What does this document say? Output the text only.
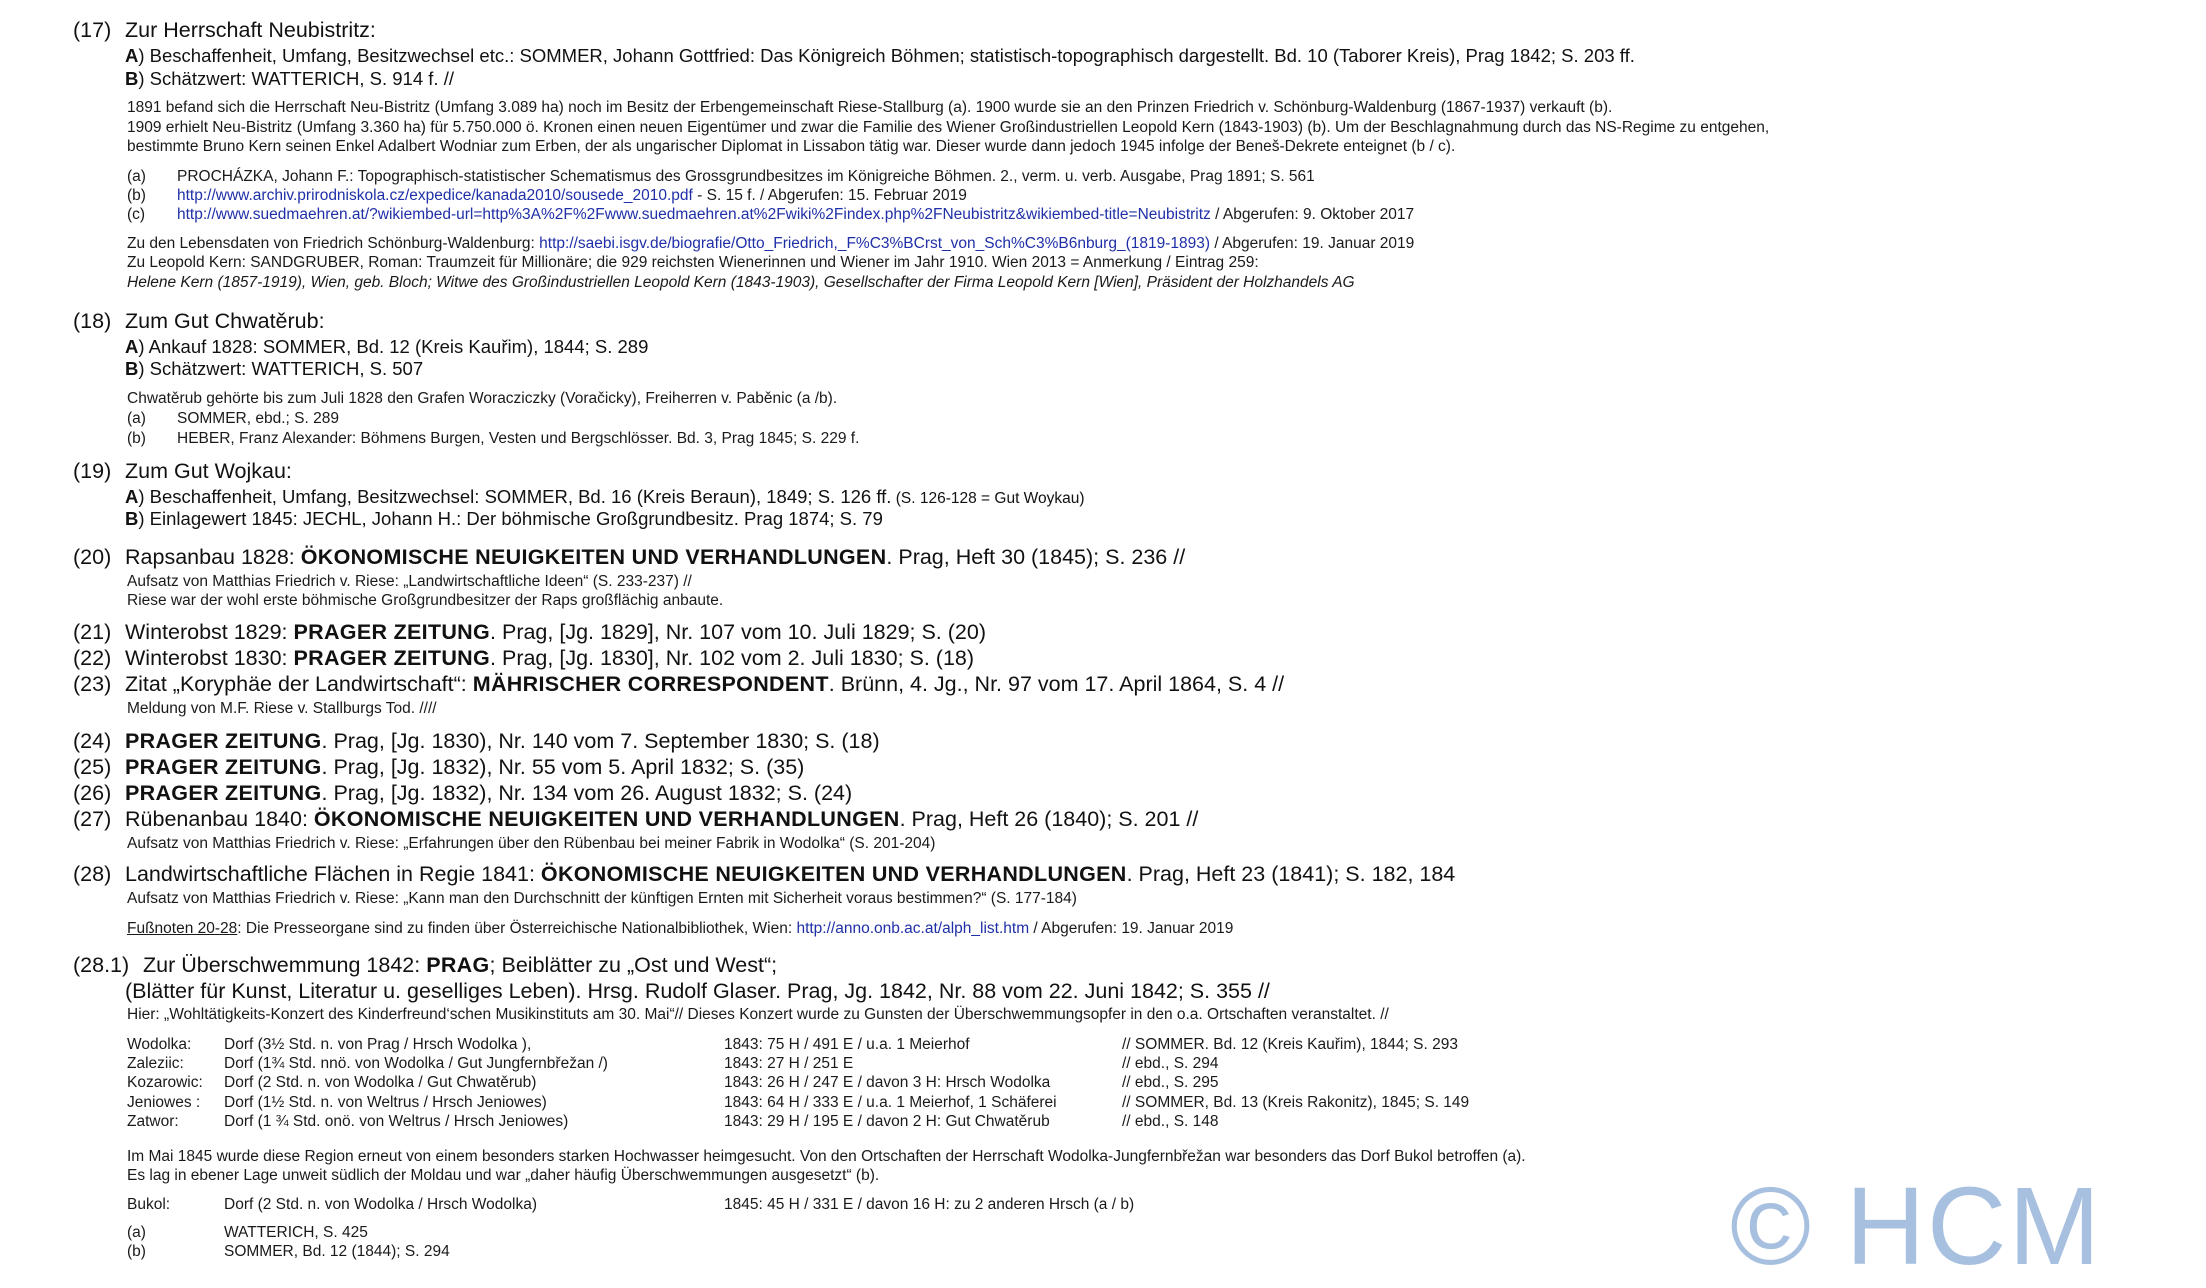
(17) Zur Herrschaft Neubistritz:
A) Beschaffenheit, Umfang, Besitzwechsel etc.: SOMMER, Johann Gottfried: Das Königreich Böhmen; statistisch-topographisch dargestellt. Bd. 10 (Taborer Kreis), Prag 1842; S. 203 ff.
B) Schätzwert: WATTERICH, S. 914 f. //
1891 befand sich die Herrschaft Neu-Bistritz (Umfang 3.089 ha) noch im Besitz der Erbengemeinschaft Riese-Stallburg (a). 1900 wurde sie an den Prinzen Friedrich v. Schönburg-Waldenburg (1867-1937) verkauft (b).
1909 erhielt Neu-Bistritz (Umfang 3.360 ha) für 5.750.000 ö. Kronen einen neuen Eigentümer und zwar die Familie des Wiener Großindustriellen Leopold Kern (1843-1903) (b). Um der Beschlagnahmung durch das NS-Regime zu entgehen,
bestimmte Bruno Kern seinen Enkel Adalbert Wodniar zum Erben, der als ungarischer Diplomat in Lissabon tätig war. Dieser wurde dann jedoch 1945 infolge der Beneš-Dekrete enteignet (b / c).
(a) PROCHÁZKA, Johann F.: Topographisch-statistischer Schematismus des Grossgrundbesitzes im Königreiche Böhmen. 2., verm. u. verb. Ausgabe, Prag 1891; S. 561
(b) http://www.archiv.prirodniskola.cz/expedice/kanada2010/sousede_2010.pdf - S. 15 f. / Abgerufen: 15. Februar 2019
(c) http://www.suedmaehren.at/?wikiembed-url=http%3A%2F%2Fwww.suedmaehren.at%2Fwiki%2Findex.php%2FNeubistritz&wikiembed-title=Neubistritz / Abgerufen: 9. Oktober 2017
Zu den Lebensdaten von Friedrich Schönburg-Waldenburg: http://saebi.isgv.de/biografie/Otto_Friedrich,_F%C3%BCrst_von_Sch%C3%B6nburg_(1819-1893) / Abgerufen: 19. Januar 2019
Zu Leopold Kern: SANDGRUBER, Roman: Traumzeit für Millionäre; die 929 reichsten Wienerinnen und Wiener im Jahr 1910. Wien 2013 = Anmerkung / Eintrag 259:
Helene Kern (1857-1919), Wien, geb. Bloch; Witwe des Großindustriellen Leopold Kern (1843-1903), Gesellschafter der Firma Leopold Kern [Wien], Präsident der Holzhandels AG
(18) Zum Gut Chwatěrub:
A) Ankauf 1828: SOMMER, Bd. 12 (Kreis Kauřim), 1844; S. 289
B) Schätzwert: WATTERICH, S. 507
Chwatěrub gehörte bis zum Juli 1828 den Grafen Woracziczky (Voračicky), Freiherren v. Paběnic (a /b).
(a) SOMMER, ebd.; S. 289
(b) HEBER, Franz Alexander: Böhmens Burgen, Vesten und Bergschlösser. Bd. 3, Prag 1845; S. 229 f.
(19) Zum Gut Wojkau:
A) Beschaffenheit, Umfang, Besitzwechsel: SOMMER, Bd. 16 (Kreis Beraun), 1849; S. 126 ff. (S. 126-128 = Gut Woykau)
B) Einlagewert 1845: JECHL, Johann H.: Der böhmische Großgrundbesitz. Prag 1874; S. 79
(20) Rapsanbau 1828: ÖKONOMISCHE NEUIGKEITEN UND VERHANDLUNGEN. Prag, Heft 30 (1845); S. 236 //
Aufsatz von Matthias Friedrich v. Riese: „Landwirtschaftliche Ideen“ (S. 233-237) //
Riese war der wohl erste böhmische Großgrundbesitzer der Raps großflächig anbaute.
(21) Winterobst 1829: PRAGER ZEITUNG. Prag, [Jg. 1829], Nr. 107 vom 10. Juli 1829; S. (20)
(22) Winterobst 1830: PRAGER ZEITUNG. Prag, [Jg. 1830], Nr. 102 vom 2. Juli 1830; S. (18)
(23) Zitat „Koryphäe der Landwirtschaft“: MÄHRISCHER CORRESPONDENT. Brünn, 4. Jg., Nr. 97 vom 17. April 1864, S. 4 //
Meldung von M.F. Riese v. Stallburgs Tod. ////
(24) PRAGER ZEITUNG. Prag, [Jg. 1830), Nr. 140 vom 7. September 1830; S. (18)
(25) PRAGER ZEITUNG. Prag, [Jg. 1832), Nr. 55 vom 5. April 1832; S. (35)
(26) PRAGER ZEITUNG. Prag, [Jg. 1832), Nr. 134 vom 26. August 1832; S. (24)
(27) Rübenanbau 1840: ÖKONOMISCHE NEUIGKEITEN UND VERHANDLUNGEN. Prag, Heft 26 (1840); S. 201 //
Aufsatz von Matthias Friedrich v. Riese: „Erfahrungen über den Rübenbau bei meiner Fabrik in Wodolka“ (S. 201-204)
(28) Landwirtschaftliche Flächen in Regie 1841: ÖKONOMISCHE NEUIGKEITEN UND VERHANDLUNGEN. Prag, Heft 23 (1841); S. 182, 184
Aufsatz von Matthias Friedrich v. Riese: „Kann man den Durchschnitt der künftigen Ernten mit Sicherheit voraus bestimmen?“ (S. 177-184)
Fußnoten 20-28: Die Presseorgane sind zu finden über Österreichische Nationalbibliothek, Wien: http://anno.onb.ac.at/alph_list.htm / Abgerufen: 19. Januar 2019
(28.1) Zur Überschwemmung 1842: PRAG; Beiblätter zu „Ost und West“;
(Blätter für Kunst, Literatur u. geselliges Leben). Hrsg. Rudolf Glaser. Prag, Jg. 1842, Nr. 88 vom 22. Juni 1842; S. 355 //
Hier: „Wohltätigkeits-Konzert des Kinderfreund‘schen Musikinstituts am 30. Mai“// Dieses Konzert wurde zu Gunsten der Überschwemmungsopfer in den o.a. Ortschaften veranstaltet. //
Wodolka: Dorf (3½ Std. n. von Prag / Hrsch Wodolka ),	1843: 75 H / 491 E / u.a. 1 Meierhof	// SOMMER. Bd. 12 (Kreis Kauřim), 1844; S. 293
Zaleziic:	Dorf (1¾ Std. nnö. von Wodolka / Gut Jungfernbřežan /)	1843: 27 H / 251 E	// ebd., S. 294
Kozarowic: Dorf (2 Std. n. von Wodolka / Gut Chwatěrub)	1843: 26 H / 247 E / davon 3 H: Hrsch Wodolka	// ebd., S. 295
Jeniowes : Dorf (1½ Std. n. von Weltrus / Hrsch Jeniowes)	1843: 64 H / 333 E / u.a. 1 Meierhof, 1 Schäferei	// SOMMER, Bd. 13 (Kreis Rakonitz), 1845; S. 149
Zatwor:	Dorf (1 ¾ Std. onö. von Weltrus / Hrsch Jeniowes)	1843: 29 H / 195 E / davon 2 H: Gut Chwatěrub	// ebd., S. 148
Im Mai 1845 wurde diese Region erneut von einem besonders starken Hochwasser heimgesucht. Von den Ortschaften der Herrschaft Wodolka-Jungfernbřežan war besonders das Dorf Bukol betroffen (a).
Es lag in ebener Lage unweit südlich der Moldau und war „daher häufig Überschwemmungen ausgesetzt“ (b).
Bukol:	Dorf (2 Std. n. von Wodolka / Hrsch Wodolka)	1845: 45 H / 331 E / davon 16 H: zu 2 anderen Hrsch (a / b)
(a)	WATTERICH, S. 425
(b)	SOMMER, Bd. 12 (1844); S. 294	© HCM
